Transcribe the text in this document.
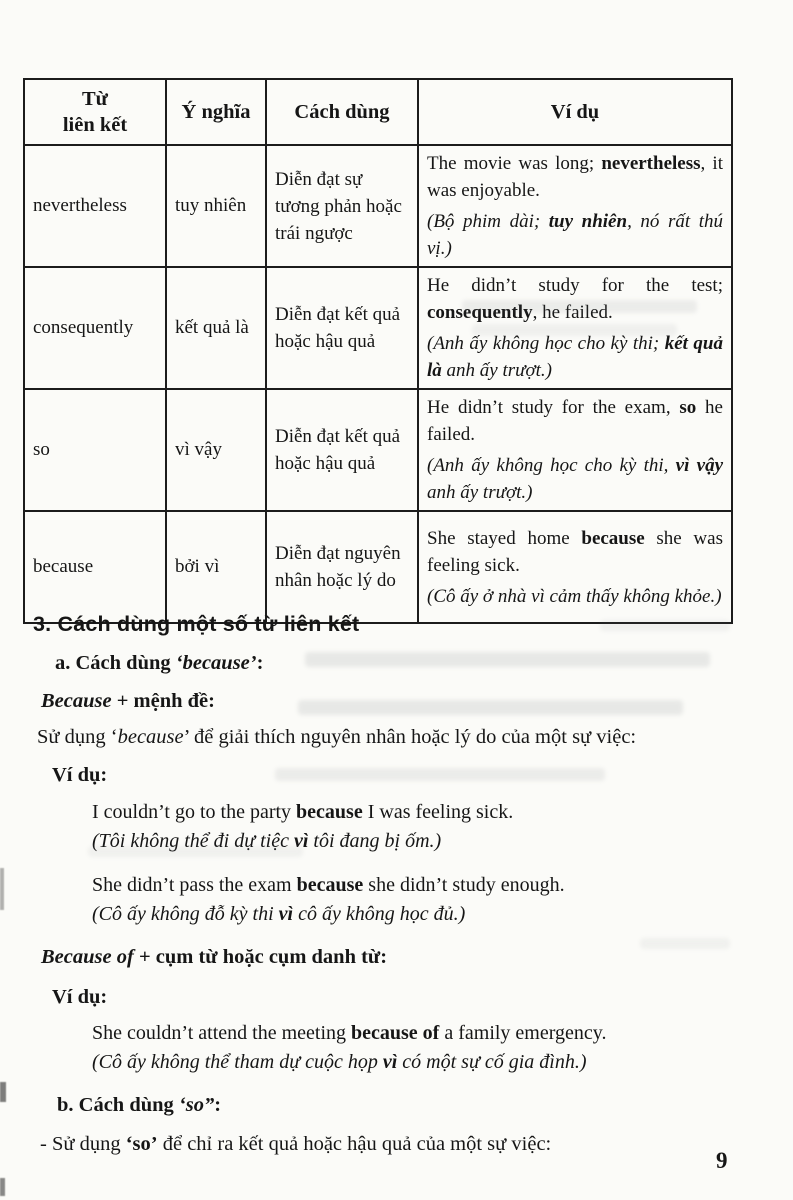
Từ
liên kết	Ý nghĩa	Cách dùng	Ví dụ
nevertheless	tuy nhiên	Diễn đạt sự tương phản hoặc trái ngược	The movie was long; nevertheless, it was enjoyable.

(Bộ phim dài; tuy nhiên, nó rất thú vị.)

consequently	kết quả là	Diễn đạt kết quả hoặc hậu quả	He didn’t study for the test; consequently, he failed.

(Anh ấy không học cho kỳ thi; kết quả là anh ấy trượt.)

so	vì vậy	Diễn đạt kết quả hoặc hậu quả	He didn’t study for the exam, so he failed.

(Anh ấy không học cho kỳ thi, vì vậy anh ấy trượt.)

because	bởi vì	Diễn đạt nguyên nhân hoặc lý do	She stayed home because she was feeling sick.

(Cô ấy ở nhà vì cảm thấy không khỏe.)

3. Cách dùng một số từ liên kết
a. Cách dùng ‘because’:
Because + mệnh đề:
Sử dụng ‘because’ để giải thích nguyên nhân hoặc lý do của một sự việc:
Ví dụ:
I couldn’t go to the party because I was feeling sick.
(Tôi không thể đi dự tiệc vì tôi đang bị ốm.)
She didn’t pass the exam because she didn’t study enough.
(Cô ấy không đỗ kỳ thi vì cô ấy không học đủ.)
Because of + cụm từ hoặc cụm danh từ:
Ví dụ:
She couldn’t attend the meeting because of a family emergency.
(Cô ấy không thể tham dự cuộc họp vì có một sự cố gia đình.)
b. Cách dùng ‘so”:
- Sử dụng ‘so’ để chỉ ra kết quả hoặc hậu quả của một sự việc:
9
